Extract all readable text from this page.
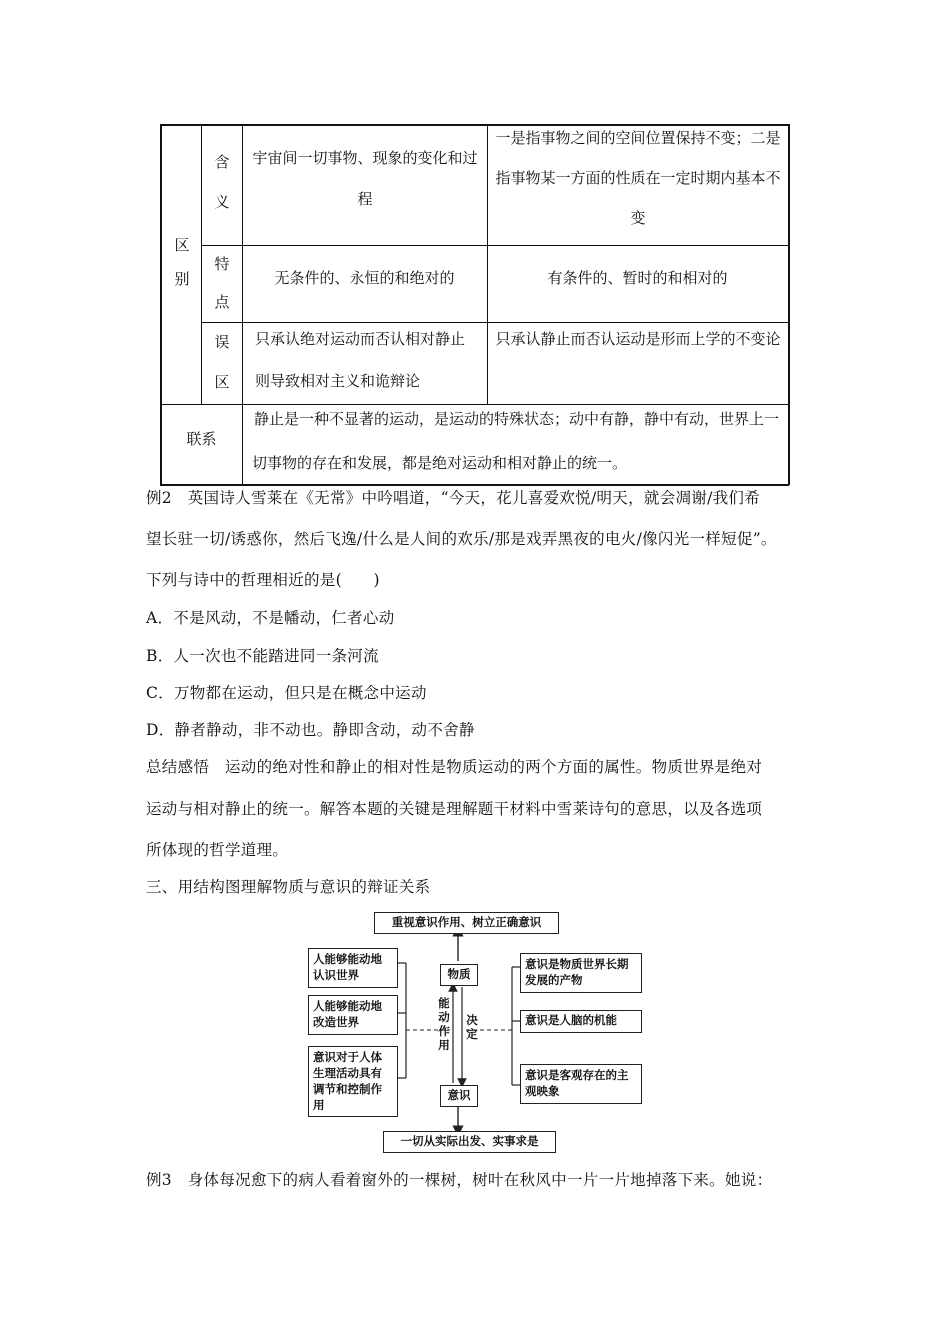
区别
含义
特点
误区
联系
宇宙间一切事物、现象的变化和过程
一是指事物之间的空间位置保持不变；二是指事物某一方面的性质在一定时期内基本不变
无条件的、永恒的和绝对的	有条件的、暂时的和相对的
只承认绝对运动而否认相对静止则导致相对主义和诡辩论
只承认静止而否认运动是形而上学的不变论
静止是一种不显著的运动，是运动的特殊状态；动中有静，静中有动，世界上一切事物的存在和发展，都是绝对运动和相对静止的统一。
例2　英国诗人雪莱在《无常》中吟唱道，“今天，花儿喜爱欢悦/明天，就会凋谢/我们希
望长驻一切/诱惑你，然后飞逸/什么是人间的欢乐/那是戏弄黑夜的电火/像闪光一样短促”。
下列与诗中的哲理相近的是(　　)
A．不是风动，不是幡动，仁者心动
B．人一次也不能踏进同一条河流
C．万物都在运动，但只是在概念中运动
D．静者静动，非不动也。静即含动，动不舍静
总结感悟　运动的绝对性和静止的相对性是物质运动的两个方面的属性。物质世界是绝对
运动与相对静止的统一。解答本题的关键是理解题干材料中雪莱诗句的意思，以及各选项
所体现的哲学道理。
三、用结构图理解物质与意识的辩证关系
重视意识作用、树立正确意识
一切从实际出发、实事求是
物质
意识
能动作用
决定
人能够能动地认识世界
人能够能动地改造世界
意识对于人体生理活动具有调节和控制作用
意识是物质世界长期发展的产物
意识是人脑的机能
意识是客观存在的主观映象
例3　身体每况愈下的病人看着窗外的一棵树，树叶在秋风中一片一片地掉落下来。她说：
